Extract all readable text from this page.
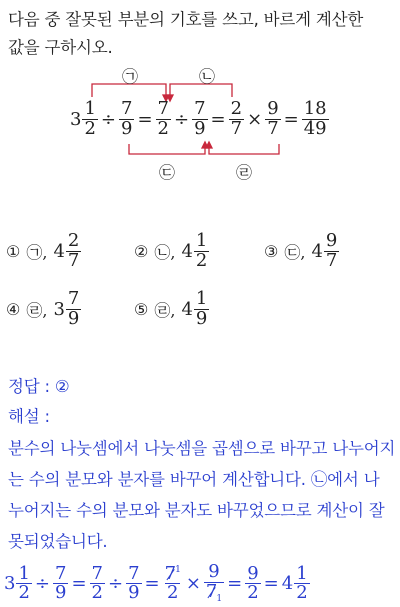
다음 중 잘못된 부분의 기호를 쓰고, 바르게 계산한
값을 구하시오.
㉠	㉡
㉢	㉣
$3 \frac{1}{2} \div \frac{7}{9} = \frac{7}{2} \div \frac{7}{9} = \frac{2}{7} \times \frac{9}{7} = \frac{18}{49}$
① ㉠, $4 \frac{2}{7}$	② ㉡, $4 \frac{1}{2}$	③ ㉢, $4 \frac{9}{7}$
④ ㉣, $3 \frac{7}{9}$	⑤ ㉣, $4 \frac{1}{9}$
정답 : ②
해설 :
분수의 나눗셈에서 나눗셈을 곱셈으로 바꾸고 나누어지
는 수의 분모와 분자를 바꾸어 계산합니다. ㉡에서 나
누어지는 수의 분모와 분자도 바꾸었으므로 계산이 잘
못되었습니다.
$3 \frac{1}{2} \div \frac{7}{9} = \frac{7}{2} \div \frac{7}{9} = \frac{7^1}{2} \times \frac{9}{7_1} = \frac{9}{2} = 4 \frac{1}{2}$
